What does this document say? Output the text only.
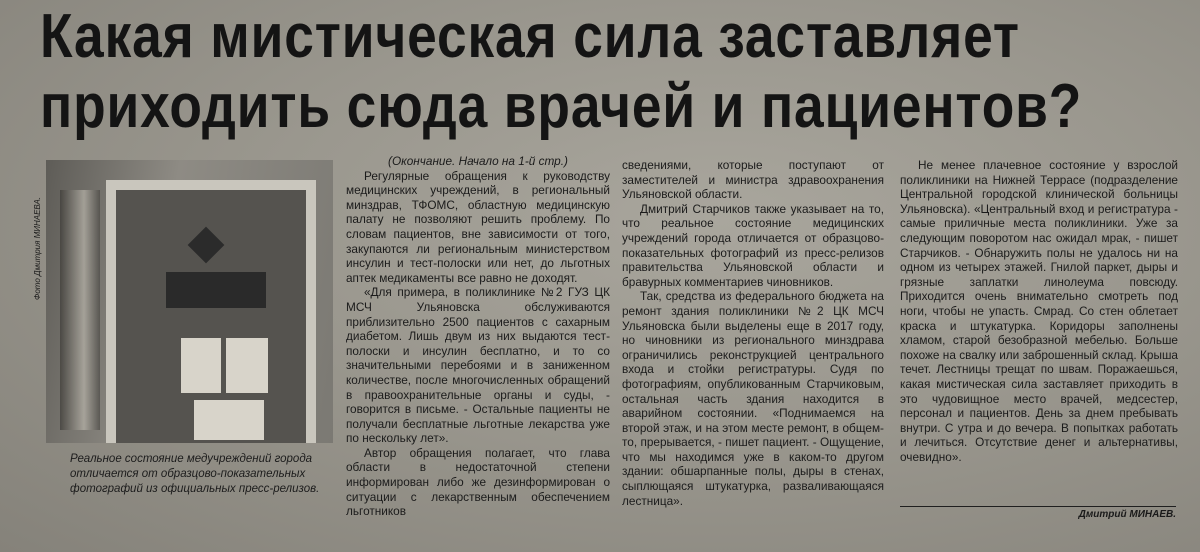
Какая мистическая сила заставляет
приходить сюда врачей и пациентов?
Фото Дмитрия МИНАЕВА.
Реальное состояние медучреждений города отличается от образцово-показательных фотографий из официальных пресс-релизов.

(Окончание. Начало на 1-й стр.)

Регулярные обращения к руководству медицинских учреждений, в региональный минздрав, ТФОМС, областную медицинскую палату не позволяют решить проблему. По словам пациентов, вне зависимости от того, закупаются ли региональным министерством инсулин и тест-полоски или нет, до льготных аптек медикаменты все равно не доходят.

«Для примера, в поликлинике №2 ГУЗ ЦК МСЧ Ульяновска обслуживаются приблизительно 2500 пациентов с сахарным диабетом. Лишь двум из них выдаются тест-полоски и инсулин бесплатно, и то со значительными перебоями и в заниженном количестве, после многочисленных обращений в правоохранительные органы и суды, - говорится в письме. - Остальные пациенты не получали бесплатные льготные лекарства уже по нескольку лет».

Автор обращения полагает, что глава области в недостаточной степени информирован либо же дезинформирован о ситуации с лекарственным обеспечением льготников

сведениями, которые поступают от заместителей и министра здравоохранения Ульяновской области.

Дмитрий Старчиков также указывает на то, что реальное состояние медицинских учреждений города отличается от образцово-показательных фотографий из пресс-релизов правительства Ульяновской области и бравурных комментариев чиновников.

Так, средства из федерального бюджета на ремонт здания поликлиники №2 ЦК МСЧ Ульяновска были выделены еще в 2017 году, но чиновники из регионального минздрава ограничились реконструкцией центрального входа и стойки регистратуры. Судя по фотографиям, опубликованным Старчиковым, остальная часть здания находится в аварийном состоянии. «Поднимаемся на второй этаж, и на этом месте ремонт, в общем-то, прерывается, - пишет пациент. - Ощущение, что мы находимся уже в каком-то другом здании: обшарпанные полы, дыры в стенах, сыплющаяся штукатурка, разваливающаяся лестница».

Не менее плачевное состояние у взрослой поликлиники на Нижней Террасе (подразделение Центральной городской клинической больницы Ульяновска). «Центральный вход и регистратура - самые приличные места поликлиники. Уже за следующим поворотом нас ожидал мрак, - пишет Старчиков. - Обнаружить полы не удалось ни на одном из четырех этажей. Гнилой паркет, дыры и грязные заплатки линолеума повсюду. Приходится очень внимательно смотреть под ноги, чтобы не упасть. Смрад. Со стен облетает краска и штукатурка. Коридоры заполнены хламом, старой безобразной мебелью. Больше похоже на свалку или заброшенный склад. Крыша течет. Лестницы трещат по швам. Поражаешься, какая мистическая сила заставляет приходить в это чудовищное место врачей, медсестер, персонал и пациентов. День за днем пребывать внутри. С утра и до вечера. В попытках работать и лечиться. Отсутствие денег и альтернативы, очевидно».

Дмитрий МИНАЕВ.
